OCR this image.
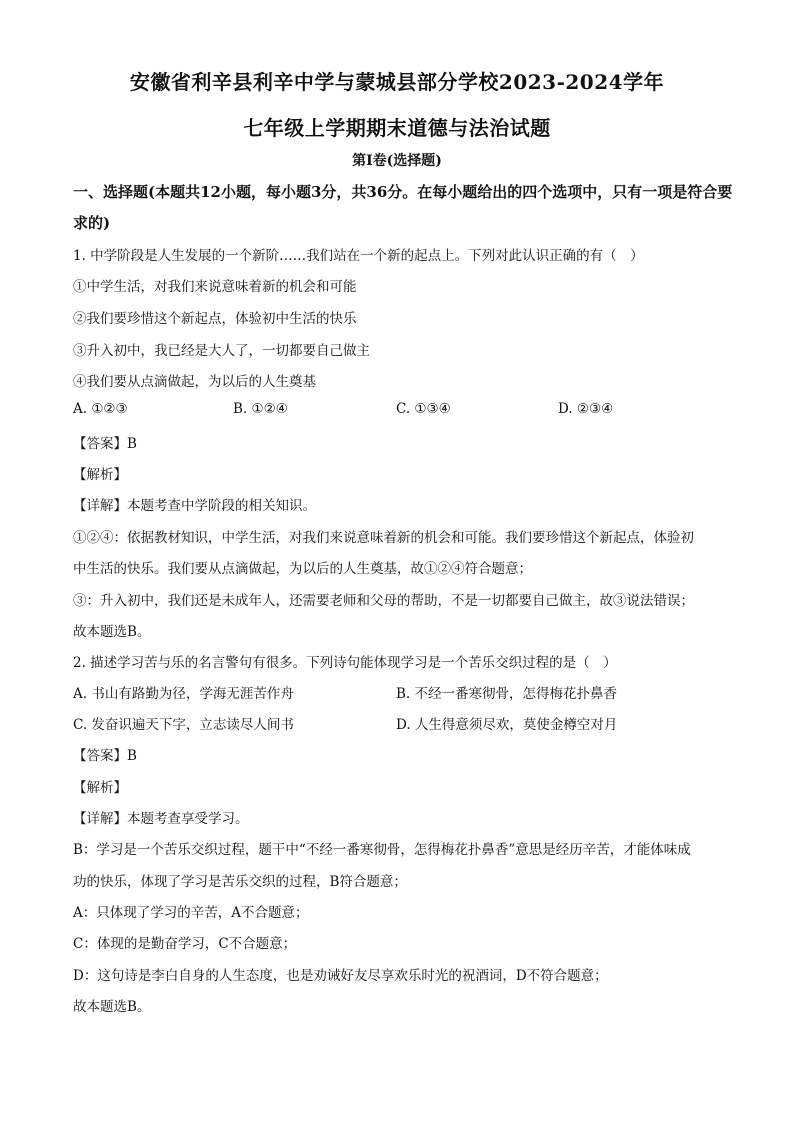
安徽省利辛县利辛中学与蒙城县部分学校2023-2024学年
七年级上学期期末道德与法治试题
第Ⅰ卷(选择题)
一、选择题(本题共12小题，每小题3分，共36分。在每小题给出的四个选项中，只有一项是符合要求的)
1. 中学阶段是人生发展的一个新阶……我们站在一个新的起点上。下列对此认识正确的有（　）
①中学生活，对我们来说意味着新的机会和可能
②我们要珍惜这个新起点，体验初中生活的快乐
③升入初中，我已经是大人了，一切都要自己做主
④我们要从点滴做起，为以后的人生奠基
A. ①②③	B. ①②④	C. ①③④	D. ②③④
【答案】B
【解析】
【详解】本题考查中学阶段的相关知识。
①②④：依据教材知识，中学生活，对我们来说意味着新的机会和可能。我们要珍惜这个新起点，体验初
中生活的快乐。我们要从点滴做起，为以后的人生奠基，故①②④符合题意；
③：升入初中，我们还是未成年人，还需要老师和父母的帮助，不是一切都要自己做主，故③说法错误；
故本题选B。
2. 描述学习苦与乐的名言警句有很多。下列诗句能体现学习是一个苦乐交织过程的是（　）
A. 书山有路勤为径，学海无涯苦作舟	B. 不经一番寒彻骨，怎得梅花扑鼻香
C. 发奋识遍天下字，立志读尽人间书	D. 人生得意须尽欢，莫使金樽空对月
【答案】B
【解析】
【详解】本题考查享受学习。
B：学习是一个苦乐交织过程，题干中“不经一番寒彻骨，怎得梅花扑鼻香”意思是经历辛苦，才能体味成
功的快乐，体现了学习是苦乐交织的过程，B符合题意；
A：只体现了学习的辛苦，A不合题意；
C：体现的是勤奋学习，C不合题意；
D：这句诗是李白自身的人生态度，也是劝诫好友尽享欢乐时光的祝酒词，D不符合题意；
故本题选B。
